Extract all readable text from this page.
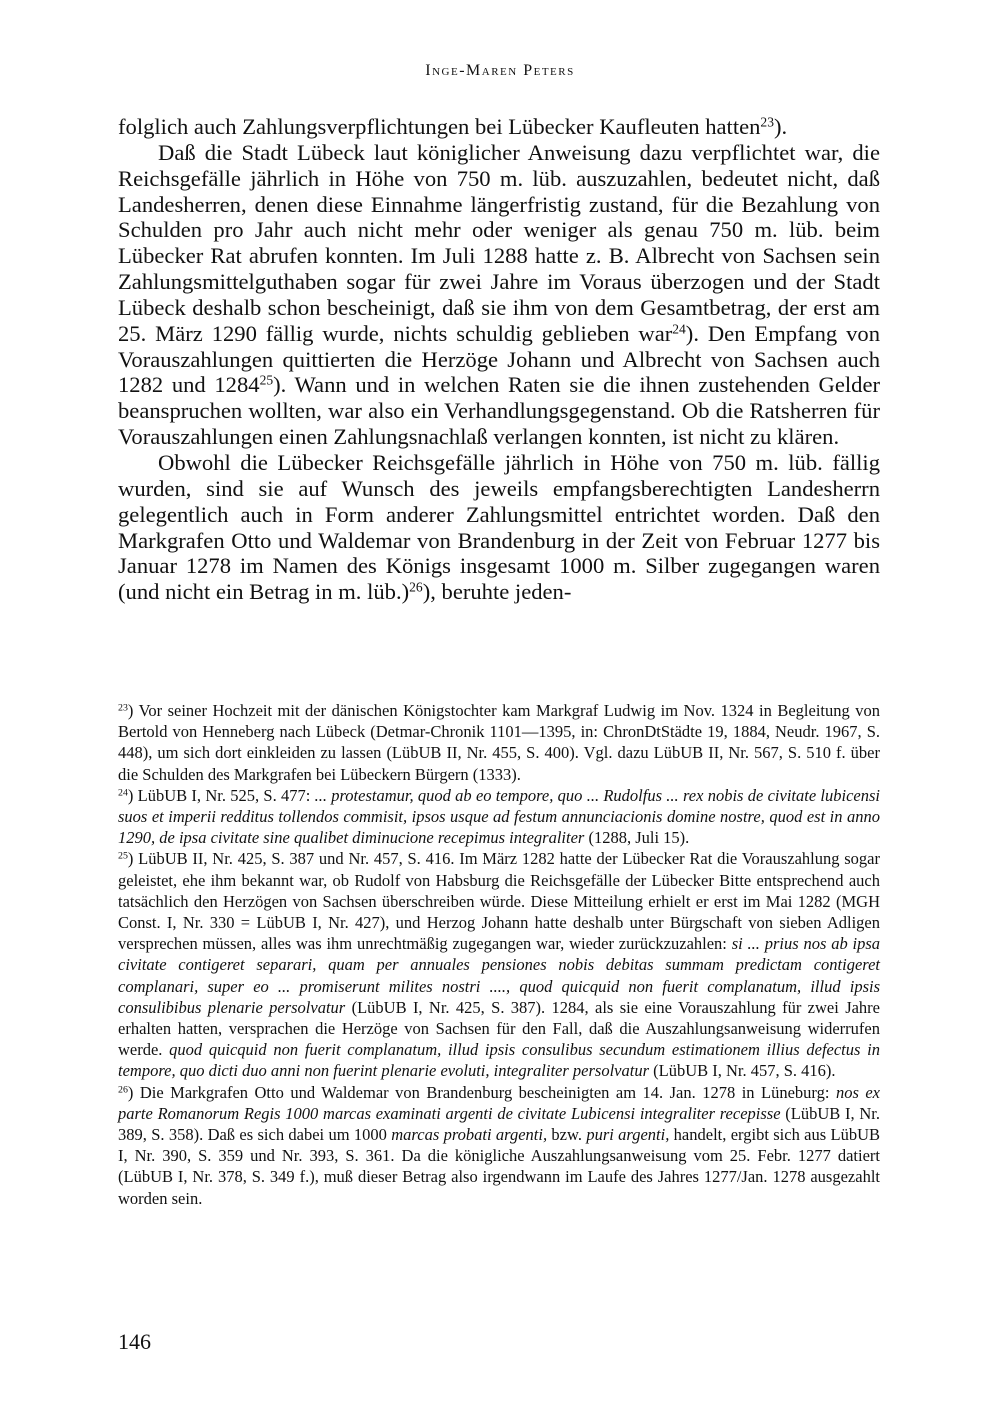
Inge-Maren Peters

folglich auch Zahlungsverpflichtungen bei Lübecker Kaufleuten hatten$^{23}$).

Daß die Stadt Lübeck laut königlicher Anweisung dazu verpflichtet war, die Reichsgefälle jährlich in Höhe von 750 m. lüb. auszuzahlen, bedeutet nicht, daß Landesherren, denen diese Einnahme längerfristig zustand, für die Bezahlung von Schulden pro Jahr auch nicht mehr oder weniger als genau 750 m. lüb. beim Lübecker Rat abrufen konnten. Im Juli 1288 hatte z. B. Albrecht von Sachsen sein Zahlungsmittelguthaben sogar für zwei Jahre im Voraus überzogen und der Stadt Lübeck deshalb schon bescheinigt, daß sie ihm von dem Gesamtbetrag, der erst am 25. März 1290 fällig wurde, nichts schuldig geblieben war$^{24}$). Den Empfang von Vorauszahlungen quittierten die Herzöge Johann und Albrecht von Sachsen auch 1282 und 1284$^{25}$). Wann und in welchen Raten sie die ihnen zustehenden Gelder beanspruchen wollten, war also ein Verhandlungsgegenstand. Ob die Ratsherren für Vorauszahlungen einen Zahlungsnachlaß verlangen konnten, ist nicht zu klären.

Obwohl die Lübecker Reichsgefälle jährlich in Höhe von 750 m. lüb. fällig wurden, sind sie auf Wunsch des jeweils empfangsberechtigten Landesherrn gelegentlich auch in Form anderer Zahlungsmittel entrichtet worden. Daß den Markgrafen Otto und Waldemar von Brandenburg in der Zeit von Februar 1277 bis Januar 1278 im Namen des Königs insgesamt 1000 m. Silber zugegangen waren (und nicht ein Betrag in m. lüb.)$^{26}$), beruhte jeden-

$^{23}$) Vor seiner Hochzeit mit der dänischen Königstochter kam Markgraf Ludwig im Nov. 1324 in Begleitung von Bertold von Henneberg nach Lübeck (Detmar-Chronik 1101—1395, in: ChronDtStädte 19, 1884, Neudr. 1967, S. 448), um sich dort einkleiden zu lassen (LübUB II, Nr. 455, S. 400). Vgl. dazu LübUB II, Nr. 567, S. 510 f. über die Schulden des Markgrafen bei Lübeckern Bürgern (1333).

$^{24}$) LübUB I, Nr. 525, S. 477: ... protestamur, quod ab eo tempore, quo ... Rudolfus ... rex nobis de civitate lubicensi suos et imperii redditus tollendos commisit, ipsos usque ad festum annunciacionis domine nostre, quod est in anno 1290, de ipsa civitate sine qualibet diminucione recepimus integraliter (1288, Juli 15).

$^{25}$) LübUB II, Nr. 425, S. 387 und Nr. 457, S. 416. Im März 1282 hatte der Lübecker Rat die Vorauszahlung sogar geleistet, ehe ihm bekannt war, ob Rudolf von Habsburg die Reichsgefälle der Lübecker Bitte entsprechend auch tatsächlich den Herzögen von Sachsen überschreiben würde. Diese Mitteilung erhielt er erst im Mai 1282 (MGH Const. I, Nr. 330 = LübUB I, Nr. 427), und Herzog Johann hatte deshalb unter Bürgschaft von sieben Adligen versprechen müssen, alles was ihm unrechtmäßig zugegangen war, wieder zurückzuzahlen: si ... prius nos ab ipsa civitate contigeret separari, quam per annuales pensiones nobis debitas summam predictam contigeret complanari, super eo ... promiserunt milites nostri ...., quod quicquid non fuerit complanatum, illud ipsis consulibibus plenarie persolvatur (LübUB I, Nr. 425, S. 387). 1284, als sie eine Vorauszahlung für zwei Jahre erhalten hatten, versprachen die Herzöge von Sachsen für den Fall, daß die Auszahlungsanweisung widerrufen werde. quod quicquid non fuerit complanatum, illud ipsis consulibus secundum estimationem illius defectus in tempore, quo dicti duo anni non fuerint plenarie evoluti, integraliter persolvatur (LübUB I, Nr. 457, S. 416).

$^{26}$) Die Markgrafen Otto und Waldemar von Brandenburg bescheinigten am 14. Jan. 1278 in Lüneburg: nos ex parte Romanorum Regis 1000 marcas examinati argenti de civitate Lubicensi integraliter recepisse (LübUB I, Nr. 389, S. 358). Daß es sich dabei um 1000 marcas probati argenti, bzw. puri argenti, handelt, ergibt sich aus LübUB I, Nr. 390, S. 359 und Nr. 393, S. 361. Da die königliche Auszahlungsanweisung vom 25. Febr. 1277 datiert (LübUB I, Nr. 378, S. 349 f.), muß dieser Betrag also irgendwann im Laufe des Jahres 1277/Jan. 1278 ausgezahlt worden sein.

146
